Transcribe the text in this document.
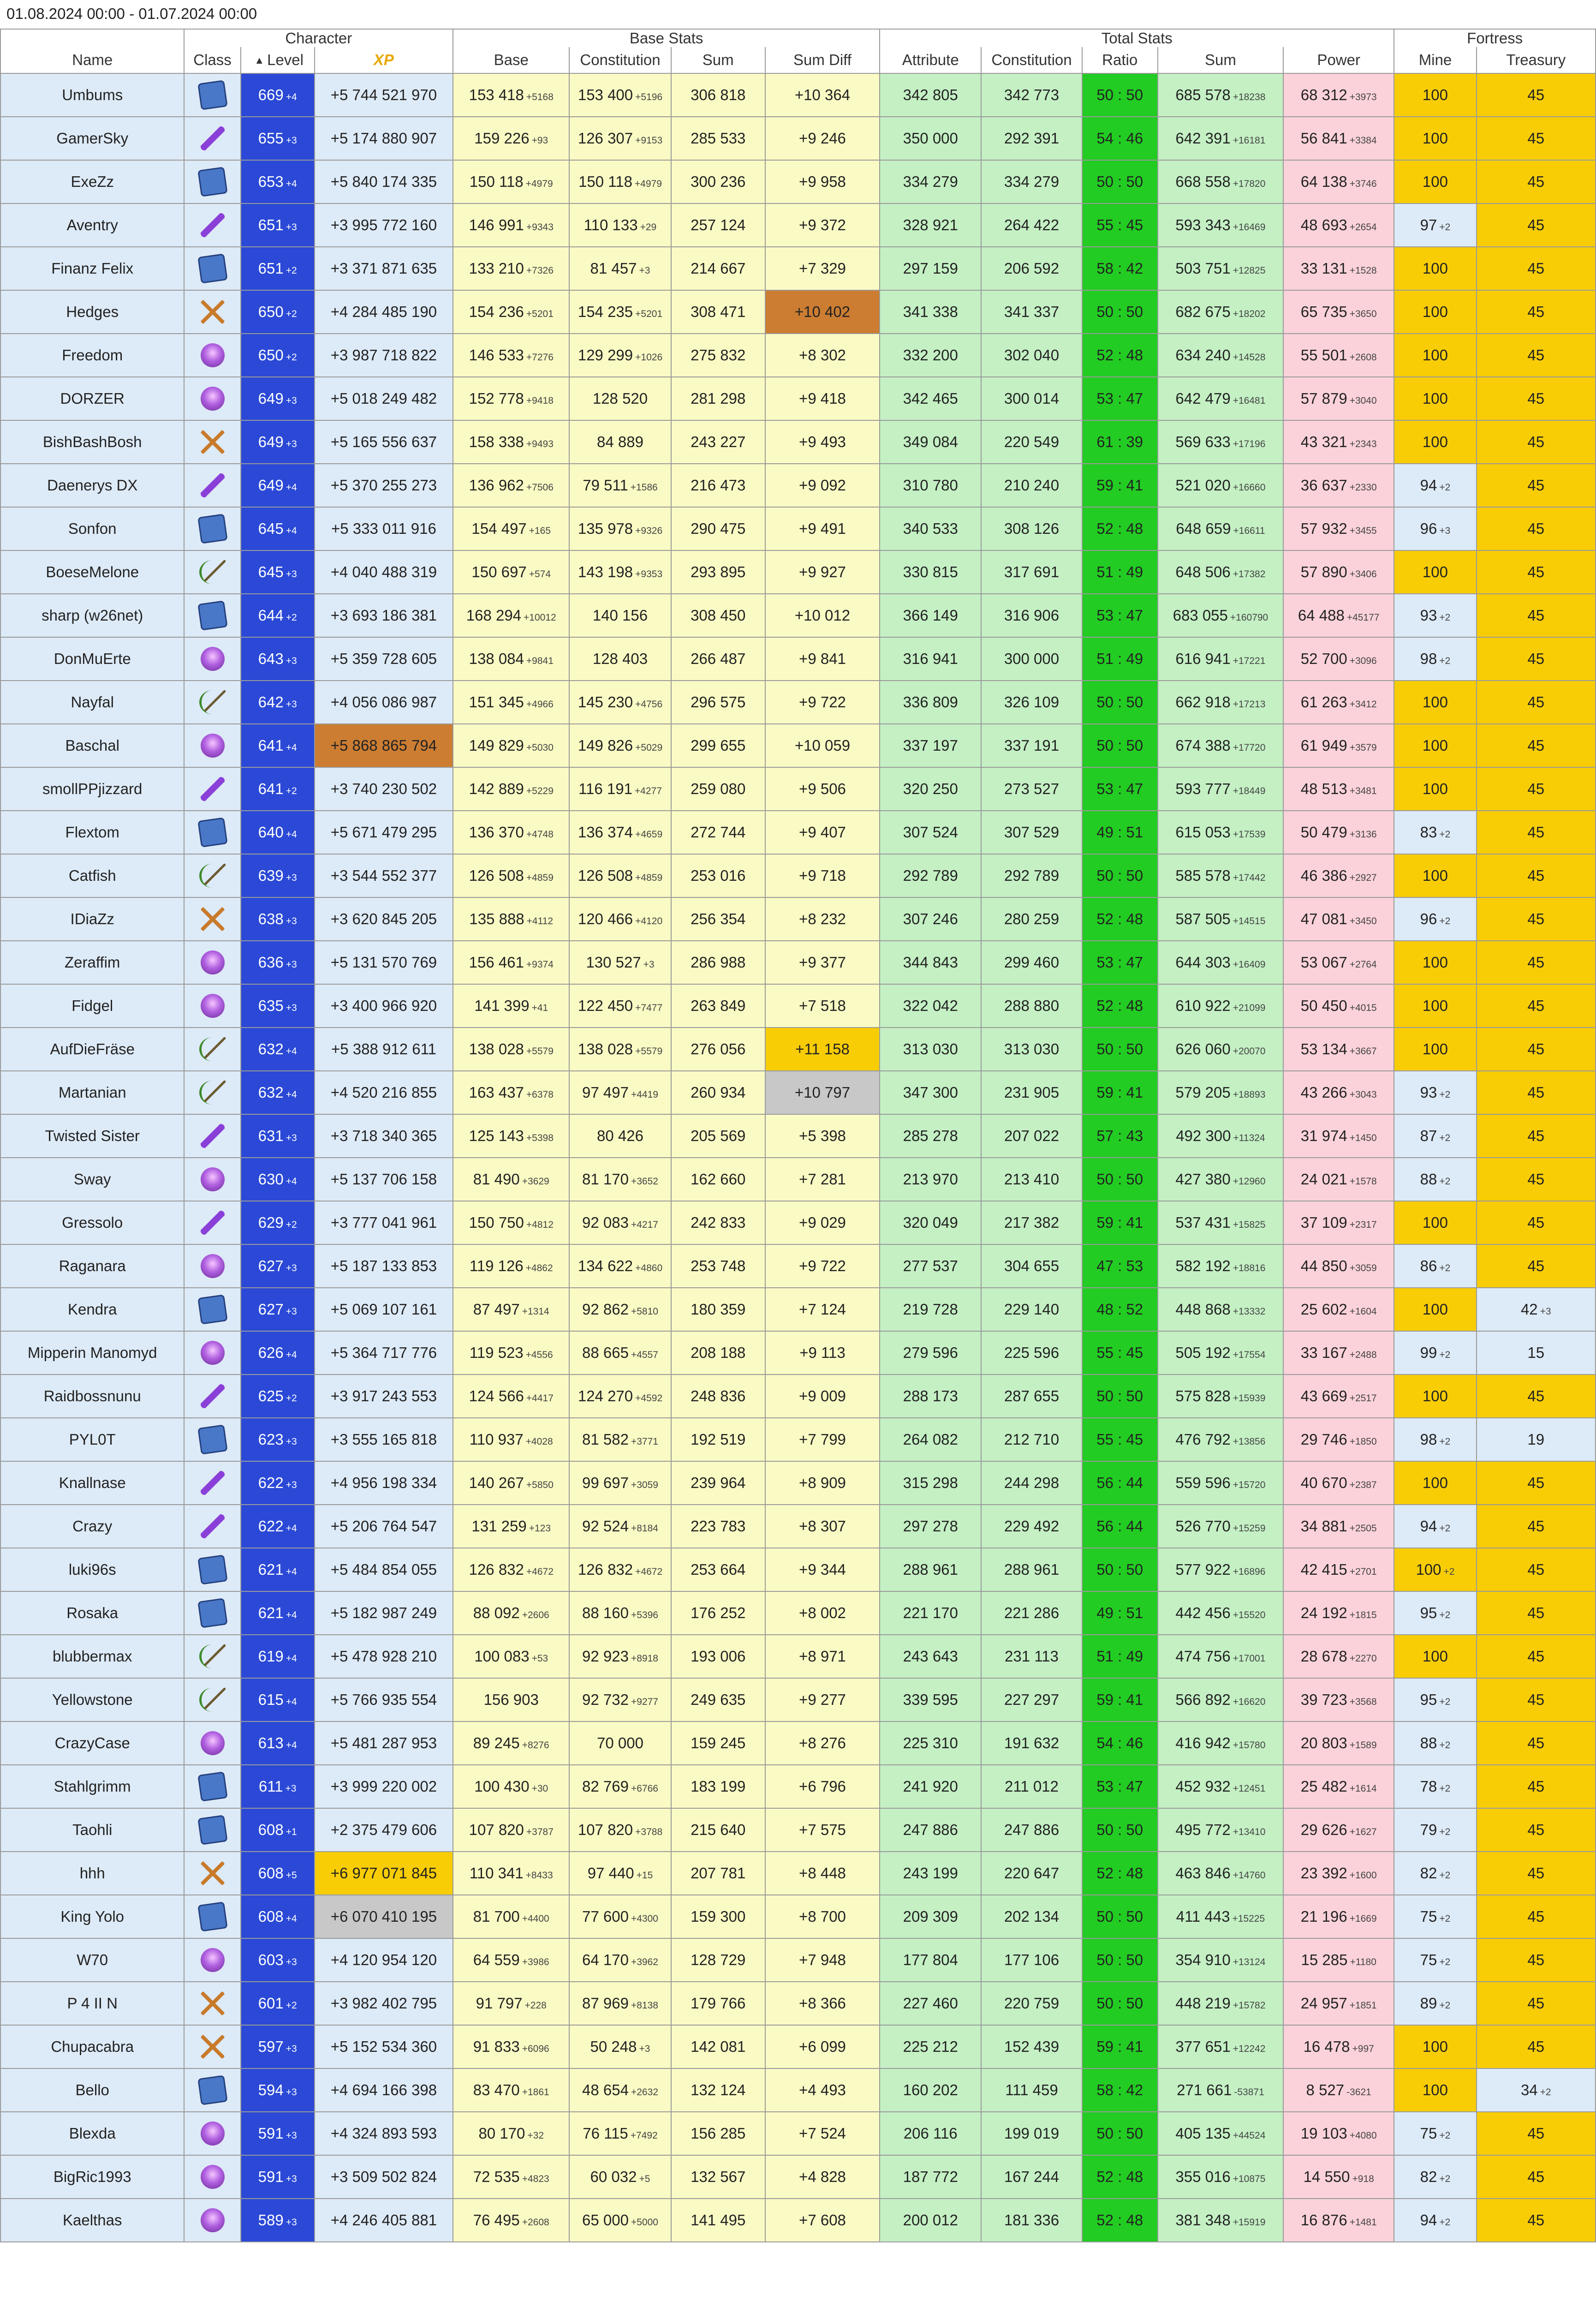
01.08.2024 00:00 - 01.07.2024 00:00
	Character			Base Stats				Total Stats					Fortress	
Name	Class	▲ Level	XP	Base	Constitution	Sum	Sum Diff	Attribute	Constitution	Ratio	Sum	Power	Mine	Treasury
Umbums		669 +4	+5 744 521 970	153 418 +5168	153 400 +5196	306 818	+10 364	342 805	342 773	50 : 50	685 578 +18238	68 312 +3973	100	45
GamerSky		655 +3	+5 174 880 907	159 226 +93	126 307 +9153	285 533	+9 246	350 000	292 391	54 : 46	642 391 +16181	56 841 +3384	100	45
ExeZz		653 +4	+5 840 174 335	150 118 +4979	150 118 +4979	300 236	+9 958	334 279	334 279	50 : 50	668 558 +17820	64 138 +3746	100	45
Aventry		651 +3	+3 995 772 160	146 991 +9343	110 133 +29	257 124	+9 372	328 921	264 422	55 : 45	593 343 +16469	48 693 +2654	97 +2	45
Finanz Felix		651 +2	+3 371 871 635	133 210 +7326	81 457 +3	214 667	+7 329	297 159	206 592	58 : 42	503 751 +12825	33 131 +1528	100	45
Hedges		650 +2	+4 284 485 190	154 236 +5201	154 235 +5201	308 471	+10 402	341 338	341 337	50 : 50	682 675 +18202	65 735 +3650	100	45
Freedom		650 +2	+3 987 718 822	146 533 +7276	129 299 +1026	275 832	+8 302	332 200	302 040	52 : 48	634 240 +14528	55 501 +2608	100	45
DORZER		649 +3	+5 018 249 482	152 778 +9418	128 520	281 298	+9 418	342 465	300 014	53 : 47	642 479 +16481	57 879 +3040	100	45
BishBashBosh		649 +3	+5 165 556 637	158 338 +9493	84 889	243 227	+9 493	349 084	220 549	61 : 39	569 633 +17196	43 321 +2343	100	45
Daenerys DX		649 +4	+5 370 255 273	136 962 +7506	79 511 +1586	216 473	+9 092	310 780	210 240	59 : 41	521 020 +16660	36 637 +2330	94 +2	45
Sonfon		645 +4	+5 333 011 916	154 497 +165	135 978 +9326	290 475	+9 491	340 533	308 126	52 : 48	648 659 +16611	57 932 +3455	96 +3	45
BoeseMelone		645 +3	+4 040 488 319	150 697 +574	143 198 +9353	293 895	+9 927	330 815	317 691	51 : 49	648 506 +17382	57 890 +3406	100	45
sharp (w26net)		644 +2	+3 693 186 381	168 294 +10012	140 156	308 450	+10 012	366 149	316 906	53 : 47	683 055 +160790	64 488 +45177	93 +2	45
DonMuErte		643 +3	+5 359 728 605	138 084 +9841	128 403	266 487	+9 841	316 941	300 000	51 : 49	616 941 +17221	52 700 +3096	98 +2	45
Nayfal		642 +3	+4 056 086 987	151 345 +4966	145 230 +4756	296 575	+9 722	336 809	326 109	50 : 50	662 918 +17213	61 263 +3412	100	45
Baschal		641 +4	+5 868 865 794	149 829 +5030	149 826 +5029	299 655	+10 059	337 197	337 191	50 : 50	674 388 +17720	61 949 +3579	100	45
smollPPjizzard		641 +2	+3 740 230 502	142 889 +5229	116 191 +4277	259 080	+9 506	320 250	273 527	53 : 47	593 777 +18449	48 513 +3481	100	45
Flextom		640 +4	+5 671 479 295	136 370 +4748	136 374 +4659	272 744	+9 407	307 524	307 529	49 : 51	615 053 +17539	50 479 +3136	83 +2	45
Catfish		639 +3	+3 544 552 377	126 508 +4859	126 508 +4859	253 016	+9 718	292 789	292 789	50 : 50	585 578 +17442	46 386 +2927	100	45
IDiaZz		638 +3	+3 620 845 205	135 888 +4112	120 466 +4120	256 354	+8 232	307 246	280 259	52 : 48	587 505 +14515	47 081 +3450	96 +2	45
Zeraffim		636 +3	+5 131 570 769	156 461 +9374	130 527 +3	286 988	+9 377	344 843	299 460	53 : 47	644 303 +16409	53 067 +2764	100	45
Fidgel		635 +3	+3 400 966 920	141 399 +41	122 450 +7477	263 849	+7 518	322 042	288 880	52 : 48	610 922 +21099	50 450 +4015	100	45
AufDieFräse		632 +4	+5 388 912 611	138 028 +5579	138 028 +5579	276 056	+11 158	313 030	313 030	50 : 50	626 060 +20070	53 134 +3667	100	45
Martanian		632 +4	+4 520 216 855	163 437 +6378	97 497 +4419	260 934	+10 797	347 300	231 905	59 : 41	579 205 +18893	43 266 +3043	93 +2	45
Twisted Sister		631 +3	+3 718 340 365	125 143 +5398	80 426	205 569	+5 398	285 278	207 022	57 : 43	492 300 +11324	31 974 +1450	87 +2	45
Sway		630 +4	+5 137 706 158	81 490 +3629	81 170 +3652	162 660	+7 281	213 970	213 410	50 : 50	427 380 +12960	24 021 +1578	88 +2	45
Gressolo		629 +2	+3 777 041 961	150 750 +4812	92 083 +4217	242 833	+9 029	320 049	217 382	59 : 41	537 431 +15825	37 109 +2317	100	45
Raganara		627 +3	+5 187 133 853	119 126 +4862	134 622 +4860	253 748	+9 722	277 537	304 655	47 : 53	582 192 +18816	44 850 +3059	86 +2	45
Kendra		627 +3	+5 069 107 161	87 497 +1314	92 862 +5810	180 359	+7 124	219 728	229 140	48 : 52	448 868 +13332	25 602 +1604	100	42 +3
Mipperin Manomyd		626 +4	+5 364 717 776	119 523 +4556	88 665 +4557	208 188	+9 113	279 596	225 596	55 : 45	505 192 +17554	33 167 +2488	99 +2	15
Raidbossnunu		625 +2	+3 917 243 553	124 566 +4417	124 270 +4592	248 836	+9 009	288 173	287 655	50 : 50	575 828 +15939	43 669 +2517	100	45
PYL0T		623 +3	+3 555 165 818	110 937 +4028	81 582 +3771	192 519	+7 799	264 082	212 710	55 : 45	476 792 +13856	29 746 +1850	98 +2	19
Knallnase		622 +3	+4 956 198 334	140 267 +5850	99 697 +3059	239 964	+8 909	315 298	244 298	56 : 44	559 596 +15720	40 670 +2387	100	45
Crazy		622 +4	+5 206 764 547	131 259 +123	92 524 +8184	223 783	+8 307	297 278	229 492	56 : 44	526 770 +15259	34 881 +2505	94 +2	45
luki96s		621 +4	+5 484 854 055	126 832 +4672	126 832 +4672	253 664	+9 344	288 961	288 961	50 : 50	577 922 +16896	42 415 +2701	100 +2	45
Rosaka		621 +4	+5 182 987 249	88 092 +2606	88 160 +5396	176 252	+8 002	221 170	221 286	49 : 51	442 456 +15520	24 192 +1815	95 +2	45
blubbermax		619 +4	+5 478 928 210	100 083 +53	92 923 +8918	193 006	+8 971	243 643	231 113	51 : 49	474 756 +17001	28 678 +2270	100	45
Yellowstone		615 +4	+5 766 935 554	156 903	92 732 +9277	249 635	+9 277	339 595	227 297	59 : 41	566 892 +16620	39 723 +3568	95 +2	45
CrazyCase		613 +4	+5 481 287 953	89 245 +8276	70 000	159 245	+8 276	225 310	191 632	54 : 46	416 942 +15780	20 803 +1589	88 +2	45
Stahlgrimm		611 +3	+3 999 220 002	100 430 +30	82 769 +6766	183 199	+6 796	241 920	211 012	53 : 47	452 932 +12451	25 482 +1614	78 +2	45
Taohli		608 +1	+2 375 479 606	107 820 +3787	107 820 +3788	215 640	+7 575	247 886	247 886	50 : 50	495 772 +13410	29 626 +1627	79 +2	45
hhh		608 +5	+6 977 071 845	110 341 +8433	97 440 +15	207 781	+8 448	243 199	220 647	52 : 48	463 846 +14760	23 392 +1600	82 +2	45
King Yolo		608 +4	+6 070 410 195	81 700 +4400	77 600 +4300	159 300	+8 700	209 309	202 134	50 : 50	411 443 +15225	21 196 +1669	75 +2	45
W70		603 +3	+4 120 954 120	64 559 +3986	64 170 +3962	128 729	+7 948	177 804	177 106	50 : 50	354 910 +13124	15 285 +1180	75 +2	45
P 4 II N		601 +2	+3 982 402 795	91 797 +228	87 969 +8138	179 766	+8 366	227 460	220 759	50 : 50	448 219 +15782	24 957 +1851	89 +2	45
Chupacabra		597 +3	+5 152 534 360	91 833 +6096	50 248 +3	142 081	+6 099	225 212	152 439	59 : 41	377 651 +12242	16 478 +997	100	45
Bello		594 +3	+4 694 166 398	83 470 +1861	48 654 +2632	132 124	+4 493	160 202	111 459	58 : 42	271 661 -53871	8 527 -3621	100	34 +2
Blexda		591 +3	+4 324 893 593	80 170 +32	76 115 +7492	156 285	+7 524	206 116	199 019	50 : 50	405 135 +44524	19 103 +4080	75 +2	45
BigRic1993		591 +3	+3 509 502 824	72 535 +4823	60 032 +5	132 567	+4 828	187 772	167 244	52 : 48	355 016 +10875	14 550 +918	82 +2	45
Kaelthas		589 +3	+4 246 405 881	76 495 +2608	65 000 +5000	141 495	+7 608	200 012	181 336	52 : 48	381 348 +15919	16 876 +1481	94 +2	45
